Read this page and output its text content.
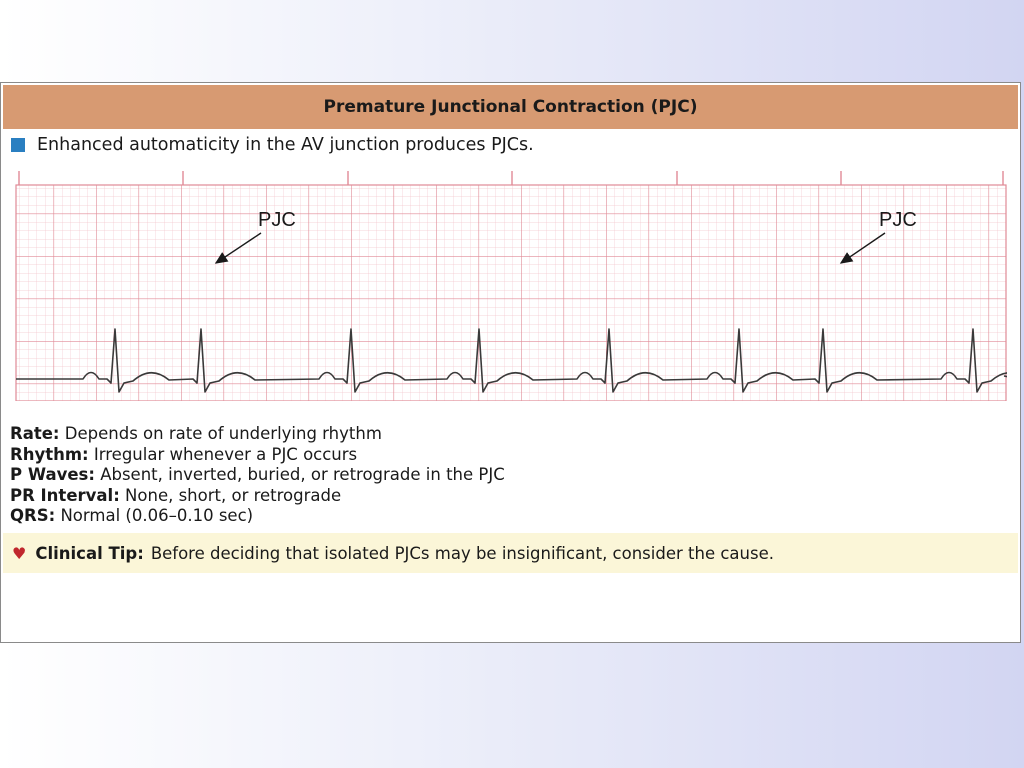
Premature Junctional Contraction (PJC)
Enhanced automaticity in the AV junction produces PJCs.
PJC	PJC
Rate: Depends on rate of underlying rhythm
Rhythm: Irregular whenever a PJC occurs
P Waves: Absent, inverted, buried, or retrograde in the PJC
PR Interval: None, short, or retrograde
QRS: Normal (0.06–0.10 sec)
♥ Clinical Tip: Before deciding that isolated PJCs may be insignificant, consider the cause.
